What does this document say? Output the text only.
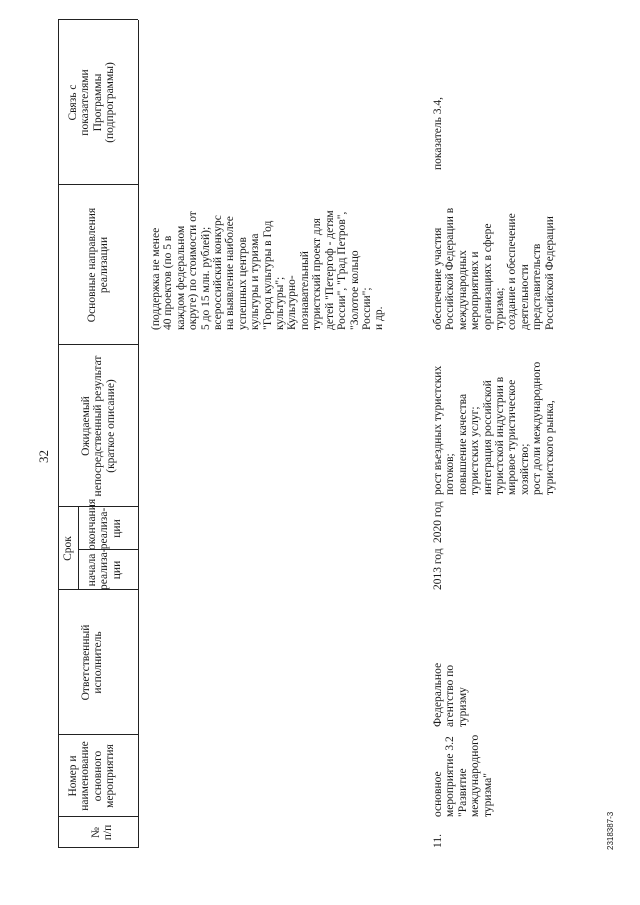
32
№
п/п
Номер и
наименование
основного
мероприятия
Ответственный
исполнитель
Срок
начала
реализа-
ции
окончания
реализа-
ции
Ожидаемый
непосредственный результат
(краткое описание)
Основные направления
реализации
Связь с
показателями
Программы
(подпрограммы)
(поддержка не менее
40 проектов (по 5 в
каждом федеральном
округе) по стоимости от
5 до 15 млн. рублей);
всероссийский конкурс
на выявление наиболее
успешных центров
культуры и туризма
"Город культуры в Год
культуры";
Культурно-
познавательный
туристский проект для
детей "Петергоф - детям
России", "Град Петров",
"Золотое кольцо
России";
и др.
11.
основное
мероприятие 3.2
"Развитие
международного
туризма"
Федеральное
агентство по
туризму
2013 год
2020 год
рост въездных туристских
потоков;
повышение качества
туристских услуг;
интеграция российской
туристской индустрии в
мировое туристическое
хозяйство;
рост доли международного
туристского рынка,
обеспечение участия
Российской Федерации в
международных
мероприятиях и
организациях в сфере
туризма;
создание и обеспечение
деятельности
представительств
Российской Федерации
показатель 3.4,
2318387-3
